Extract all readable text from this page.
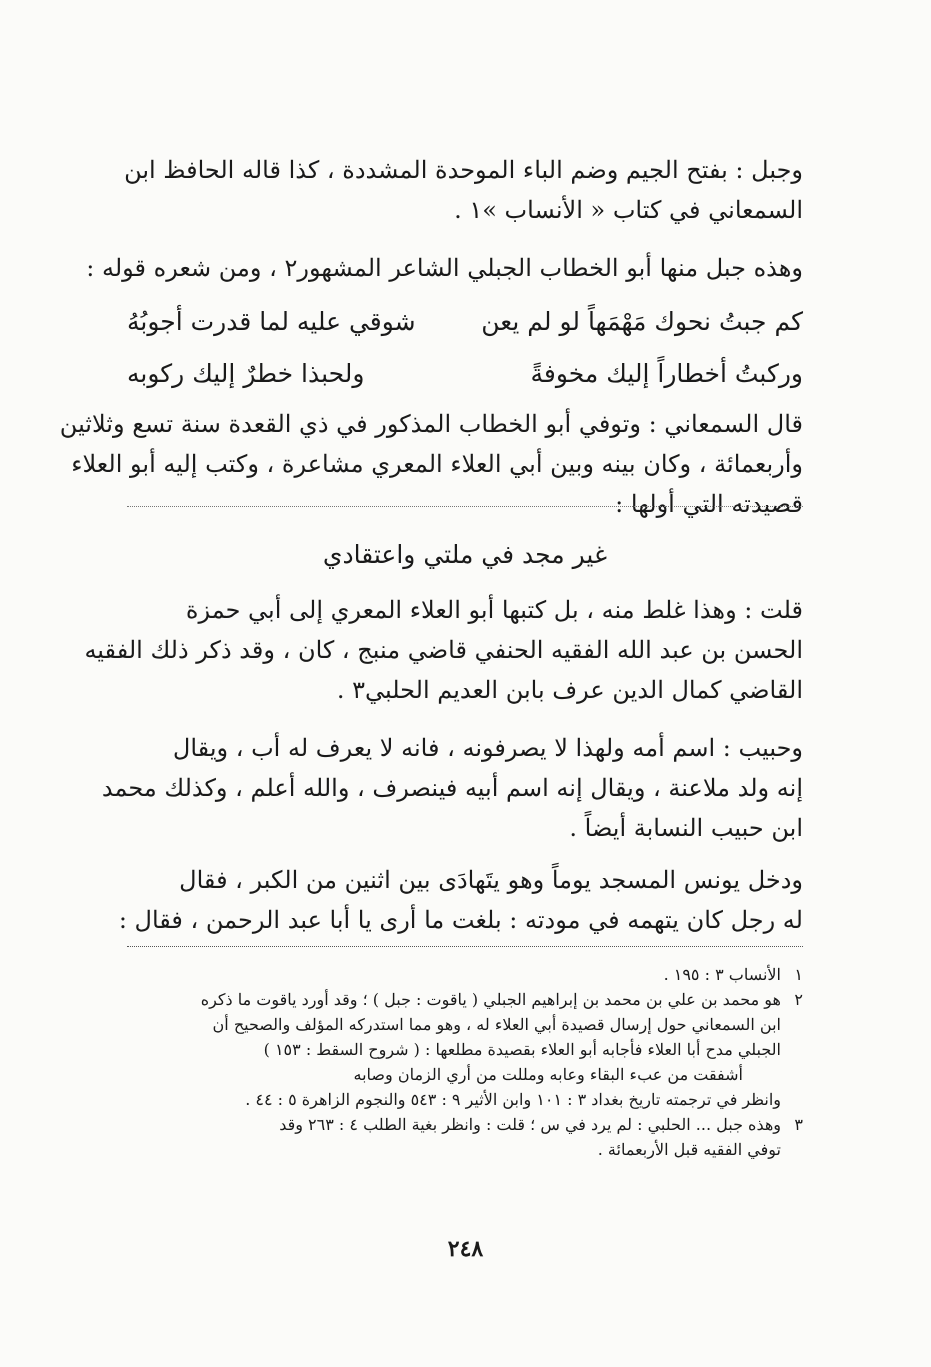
وجبل : بفتح الجيم وضم الباء الموحدة المشددة ، كذا قاله الحافظ ابن
السمعاني في كتاب « الأنساب »١ .
وهذه جبل منها أبو الخطاب الجبلي الشاعر المشهور٢ ، ومن شعره قوله :
كم جبتُ نحوك مَهْمَهاً لو لم يعن
شوقي عليه لما قدرت أجوبُهُ
وركبتُ أخطاراً إليك مخوفةً
ولحبذا خطرٌ إليك ركوبه
قال السمعاني : وتوفي أبو الخطاب المذكور في ذي القعدة سنة تسع وثلاثين
وأربعمائة ، وكان بينه وبين أبي العلاء المعري مشاعرة ، وكتب إليه أبو العلاء
قصيدته التي أولها :
غير مجد في ملتي واعتقادي
قلت : وهذا غلط منه ، بل كتبها أبو العلاء المعري إلى أبي حمزة
الحسن بن عبد الله الفقيه الحنفي قاضي منبج ، كان ، وقد ذكر ذلك الفقيه
القاضي كمال الدين عرف بابن العديم الحلبي٣ .
وحبيب : اسم أمه ولهذا لا يصرفونه ، فانه لا يعرف له أب ، ويقال
إنه ولد ملاعنة ، ويقال إنه اسم أبيه فينصرف ، والله أعلم ، وكذلك محمد
ابن حبيب النسابة أيضاً .
ودخل يونس المسجد يوماً وهو يتَهادَى بين اثنين من الكبر ، فقال
له رجل كان يتهمه في مودته : بلغت ما أرى يا أبا عبد الرحمن ، فقال :

١الأنساب ٣ : ١٩٥ .

٢هو محمد بن علي بن محمد بن إبراهيم الجبلي ( ياقوت : جبل ) ؛ وقد أورد ياقوت ما ذكره

ابن السمعاني حول إرسال قصيدة أبي العلاء له ، وهو مما استدركه المؤلف والصحيح أن

الجبلي مدح أبا العلاء فأجابه أبو العلاء بقصيدة مطلعها : ( شروح السقط : ١٥٣ )

أشفقت من عبء البقاء وعابه ومللت من أري الزمان وصابه

وانظر في ترجمته تاريخ بغداد ٣ : ١٠١ وابن الأثير ٩ : ٥٤٣ والنجوم الزاهرة ٥ : ٤٤ .

٣وهذه جبل ... الحلبي : لم يرد في س ؛ قلت : وانظر بغية الطلب ٤ : ٢٦٣ وقد

توفي الفقيه قبل الأربعمائة .

٢٤٨
